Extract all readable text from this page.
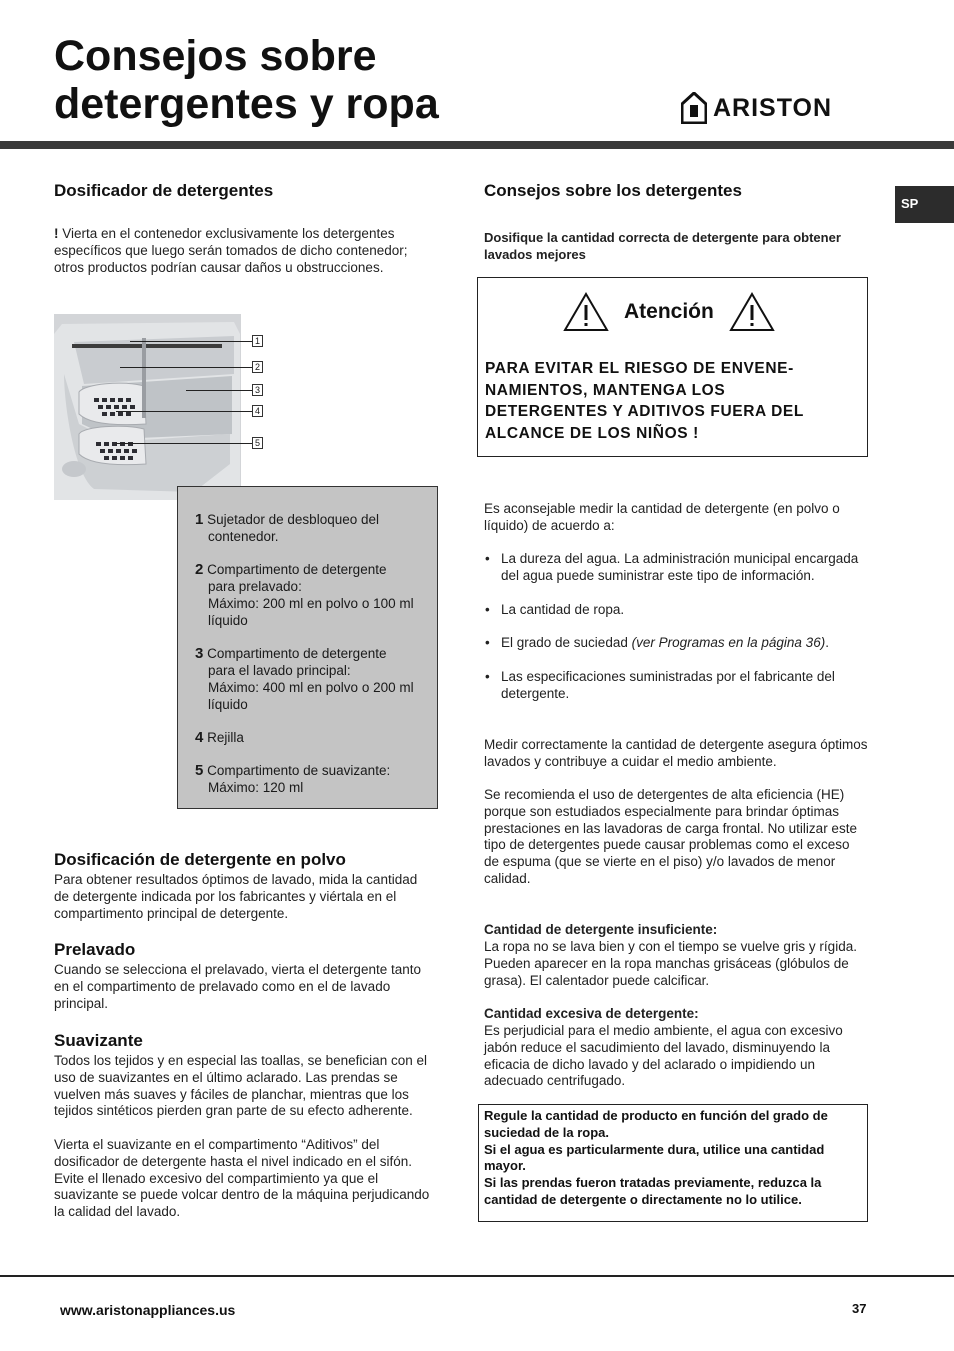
Consejos sobre
detergentes y ropa	ARISTON
SP
Dosificador de detergentes

! Vierta en el contenedor exclusivamente los detergentes específicos que luego serán tomados de dicho contenedor; otros productos podrían causar daños u obstrucciones.

1
2
3
4
5
1 Sujetador de desbloqueo del
contenedor.
2 Compartimento de detergente
para prelavado:
Máximo: 200 ml en polvo o 100 ml
líquido
3 Compartimento de detergente
para el lavado principal:
Máximo: 400 ml en polvo o 200 ml
líquido
4 Rejilla
5 Compartimento de suavizante:
Máximo: 120 ml
Dosificación de detergente en polvo

Para obtener resultados óptimos de lavado, mida la cantidad de detergente indicada por los fabricantes y viértala en el compartimento principal de detergente.

Prelavado

Cuando se selecciona el prelavado, vierta el detergente tanto en el compartimento de prelavado como en el de lavado principal.

Suavizante

Todos los tejidos y en especial las toallas, se benefician con el uso de suavizantes en el último aclarado. Las prendas se vuelven más suaves y fáciles de planchar, mientras que los tejidos sintéticos pierden gran parte de su efecto adherente.

Vierta el suavizante en el compartimento “Aditivos” del dosificador de detergente hasta el nivel indicado en el sifón. Evite el llenado excesivo del compartimiento ya que el suavizante se puede volcar dentro de la máquina perjudicando la calidad del lavado.

Consejos sobre los detergentes

Dosifique la cantidad correcta de detergente para obtener lavados mejores

Atención
PARA EVITAR EL RIESGO DE ENVENE-NAMIENTOS, MANTENGA LOS DETERGENTES Y ADITIVOS FUERA DEL ALCANCE DE LOS NIÑOS !

Es aconsejable medir la cantidad de detergente (en polvo o líquido) de acuerdo a:

• La dureza del agua. La administración municipal encargada del agua puede suministrar este tipo de información.
• La cantidad de ropa.
• El grado de suciedad (ver Programas en la página 36).
• Las especificaciones suministradas por el fabricante del detergente.

Medir correctamente la cantidad de detergente asegura óptimos lavados y contribuye a cuidar el medio ambiente.

Se recomienda el uso de detergentes de alta eficiencia (HE) porque son estudiados especialmente para brindar óptimas prestaciones en las lavadoras de carga frontal. No utilizar este tipo de detergentes puede causar problemas como el exceso de espuma (que se vierte en el piso) y/o lavados de menor calidad.

Cantidad de detergente insuficiente:

La ropa no se lava bien y con el tiempo se vuelve gris y rígida. Pueden aparecer en la ropa manchas grisáceas (glóbulos de grasa). El calentador puede calcificar.

Cantidad excesiva de detergente:

Es perjudicial para el medio ambiente, el agua con excesivo jabón reduce el sacudimiento del lavado, disminuyendo la eficacia de dicho lavado y del aclarado o impidiendo un adecuado centrifugado.

Regule la cantidad de producto en función del grado de suciedad de la ropa.
Si el agua es particularmente dura, utilice una cantidad mayor.
Si las prendas fueron tratadas previamente, reduzca la cantidad de detergente o directamente no lo utilice.
www.aristonappliances.us	37
